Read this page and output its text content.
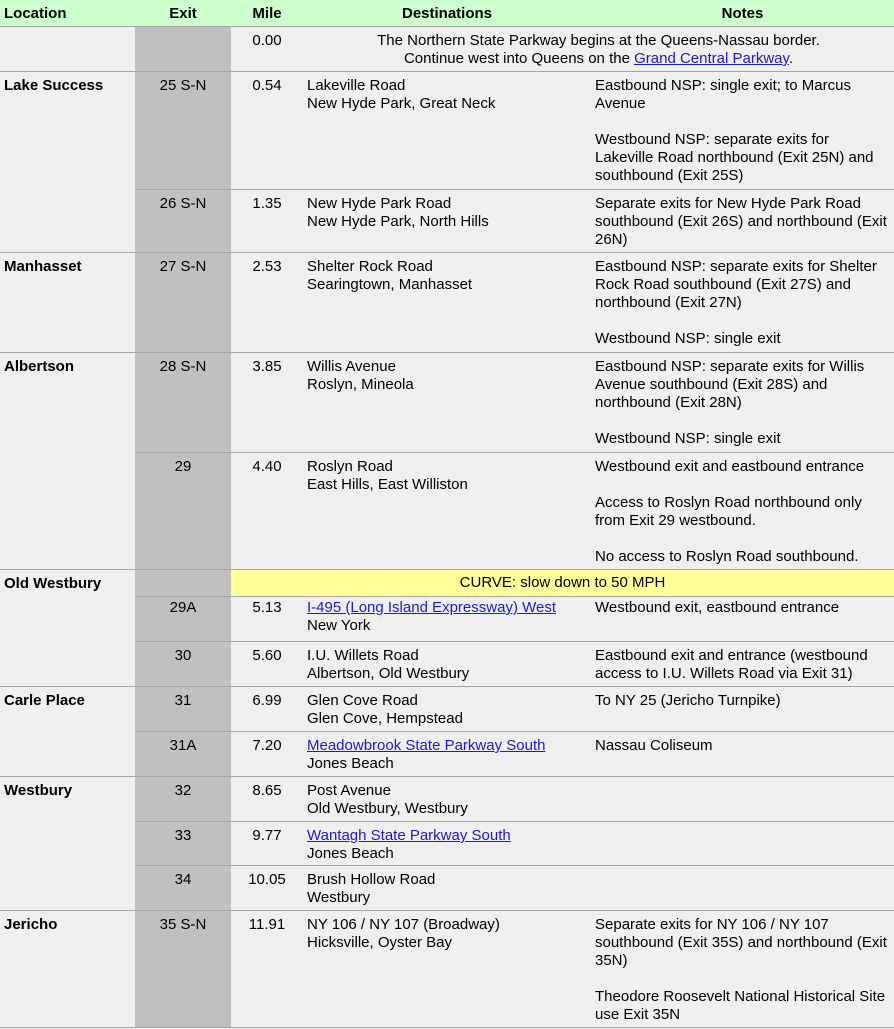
Location	Exit	Mile	Destinations	Notes
		0.00	The Northern State Parkway begins at the Queens-Nassau border.
Continue west into Queens on the Grand Central Parkway.	

Lake Success	25 S-N	0.54	Lakeville Road
New Hyde Park, Great Neck	Eastbound NSP: single exit; to Marcus Avenue
Westbound NSP: separate exits for Lakeville Road northbound (Exit 25N) and southbound (Exit 25S)

	26 S-N	1.35	New Hyde Park Road
New Hyde Park, North Hills	Separate exits for New Hyde Park Road southbound (Exit 26S) and northbound (Exit 26N)

Manhasset	27 S-N	2.53	Shelter Rock Road
Searingtown, Manhasset	Eastbound NSP: separate exits for Shelter Rock Road southbound (Exit 27S) and northbound (Exit 27N)
Westbound NSP: single exit

Albertson	28 S-N	3.85	Willis Avenue
Roslyn, Mineola	Eastbound NSP: separate exits for Willis Avenue southbound (Exit 28S) and northbound (Exit 28N)
Westbound NSP: single exit

	29	4.40	Roslyn Road
East Hills, East Williston	Westbound exit and eastbound entrance
Access to Roslyn Road northbound only from Exit 29 westbound.
No access to Roslyn Road southbound.

Old Westbury		CURVE: slow down to 50 MPH		
	29A	5.13	I-495 (Long Island Expressway) West
New York	Westbound exit, eastbound entrance

	30	5.60	I.U. Willets Road
Albertson, Old Westbury	Eastbound exit and entrance (westbound access to I.U. Willets Road via Exit 31)

Carle Place	31	6.99	Glen Cove Road
Glen Cove, Hempstead	To NY 25 (Jericho Turnpike)

	31A	7.20	Meadowbrook State Parkway South
Jones Beach	Nassau Coliseum

Westbury	32	8.65	Post Avenue
Old Westbury, Westbury	

	33	9.77	Wantagh State Parkway South
Jones Beach	

	34	10.05	Brush Hollow Road
Westbury	

Jericho	35 S-N	11.91	NY 106 / NY 107 (Broadway)
Hicksville, Oyster Bay	Separate exits for NY 106 / NY 107 southbound (Exit 35S) and northbound (Exit 35N)
Theodore Roosevelt National Historical Site use Exit 35N
